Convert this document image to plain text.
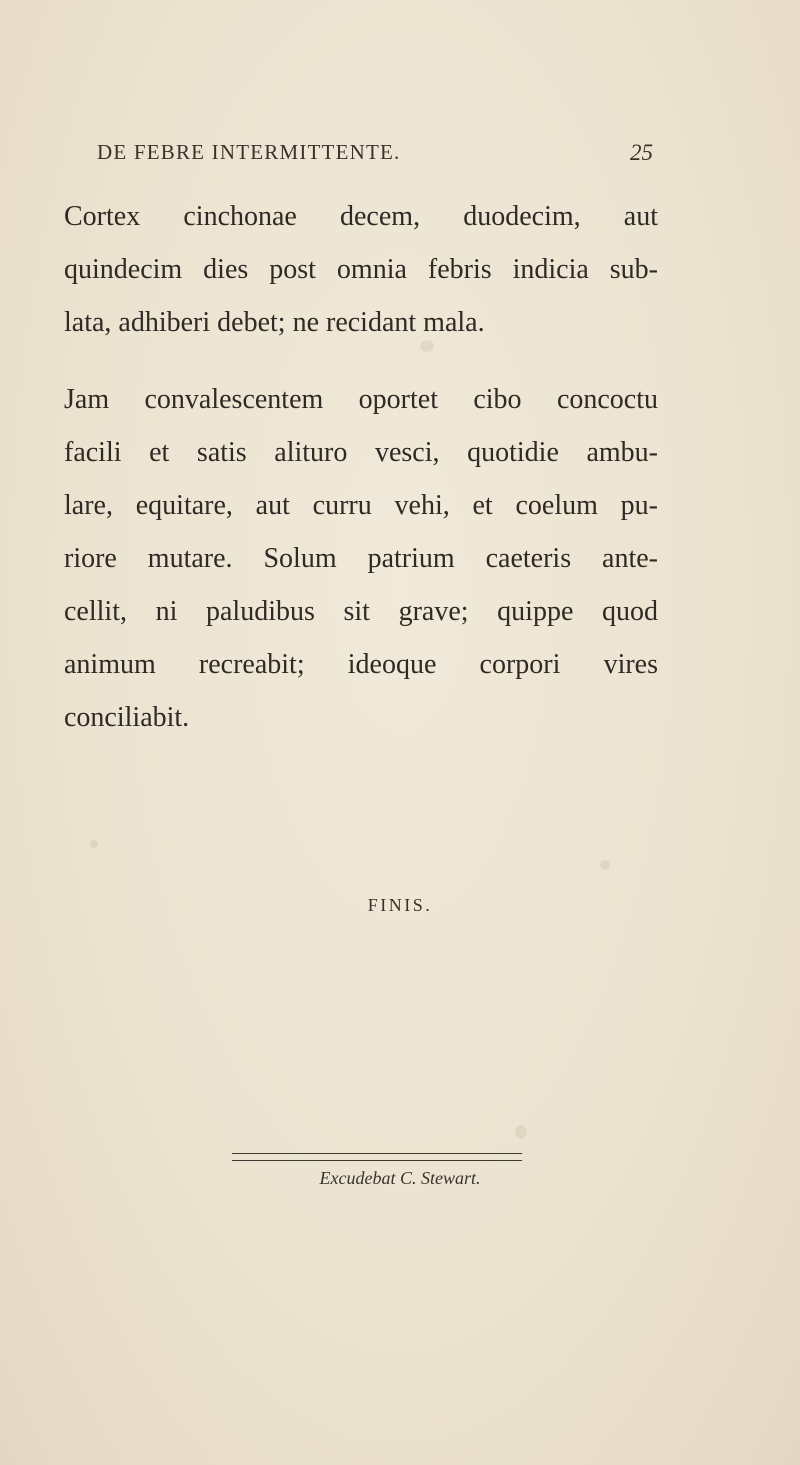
DE FEBRE INTERMITTENTE.	25
Cortex cinchonae decem, duodecim, aut
quindecim dies post omnia febris indicia sub-
lata, adhiberi debet; ne recidant mala.
Jam convalescentem oportet cibo concoctu
facili et satis alituro vesci, quotidie ambu-
lare, equitare, aut curru vehi, et coelum pu-
riore mutare. Solum patrium caeteris ante-
cellit, ni paludibus sit grave; quippe quod
animum recreabit; ideoque corpori vires
conciliabit.
FINIS.
Excudebat C. Stewart.
